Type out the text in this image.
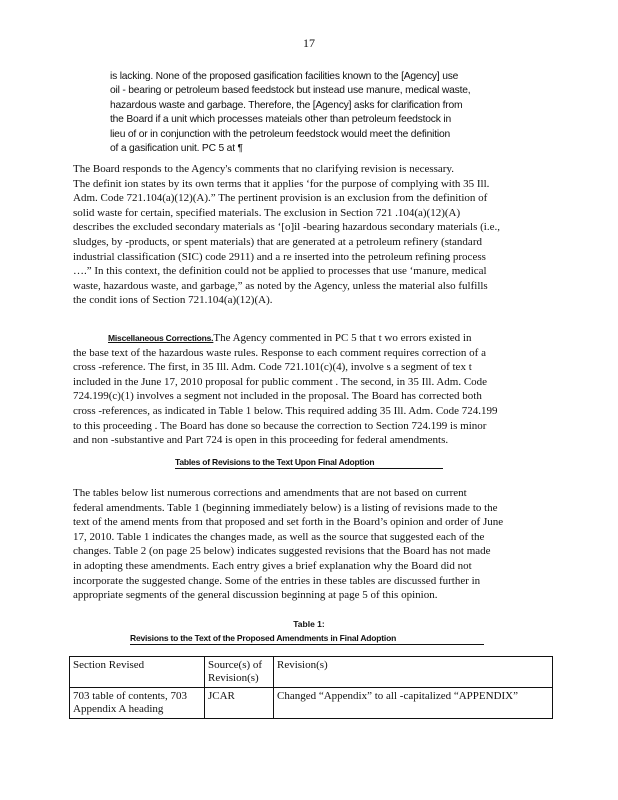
17
is lacking. None of the proposed gasification facilities known to the [Agency] use
oil - bearing or petroleum based feedstock but instead use manure, medical waste,
hazardous waste and garbage. Therefore, the [Agency] asks for clarification from
the Board if a unit which processes mateials other than petroleum feedstock in
lieu of or in conjunction with the petroleum feedstock would meet the definition
of a gasification unit. PC 5 at ¶
The Board responds to the Agency's comments that no clarifying revision is necessary.
The definit ion states by its own terms that it applies ‘for the purpose of complying with 35 Ill.
Adm. Code 721.104(a)(12)(A).” The pertinent provision is an exclusion from the definition of
solid waste for certain, specified materials. The exclusion in Section 721 .104(a)(12)(A)
describes the excluded secondary materials as ‘[o]il -bearing hazardous secondary materials (i.e.,
sludges, by -products, or spent materials) that are generated at a petroleum refinery (standard
industrial classification (SIC) code 2911) and a re inserted into the petroleum refining process
….” In this context, the definition could not be applied to processes that use ‘manure, medical
waste, hazardous waste, and garbage,” as noted by the Agency, unless the material also fulfills
the condit ions of Section 721.104(a)(12)(A).
Miscellaneous Corrections.The Agency commented in PC 5 that t wo errors existed in
the base text of the hazardous waste rules. Response to each comment requires correction of a
cross -reference. The first, in 35 Ill. Adm. Code 721.101(c)(4), involve s a segment of tex t
included in the June 17, 2010 proposal for public comment . The second, in 35 Ill. Adm. Code
724.199(c)(1) involves a segment not included in the proposal. The Board has corrected both
cross -references, as indicated in Table 1 below. This required adding 35 Ill. Adm. Code 724.199
to this proceeding . The Board has done so because the correction to Section 724.199 is minor
and non -substantive and Part 724 is open in this proceeding for federal amendments.
Tables of Revisions to the Text Upon Final Adoption
The tables below list numerous corrections and amendments that are not based on current
federal amendments. Table 1 (beginning immediately below) is a listing of revisions made to the
text of the amend ments from that proposed and set forth in the Board’s opinion and order of June
17, 2010. Table 1 indicates the changes made, as well as the source that suggested each of the
changes. Table 2 (on page 25 below) indicates suggested revisions that the Board has not made
in adopting these amendments. Each entry gives a brief explanation why the Board did not
incorporate the suggested change. Some of the entries in these tables are discussed further in
appropriate segments of the general discussion beginning at page 5 of this opinion.
Table 1:
Revisions to the Text of the Proposed Amendments in Final Adoption
Section Revised	Source(s) of Revision(s)	Revision(s)
703 table of contents, 703 Appendix A heading	JCAR	Changed “Appendix” to all -capitalized “APPENDIX”
